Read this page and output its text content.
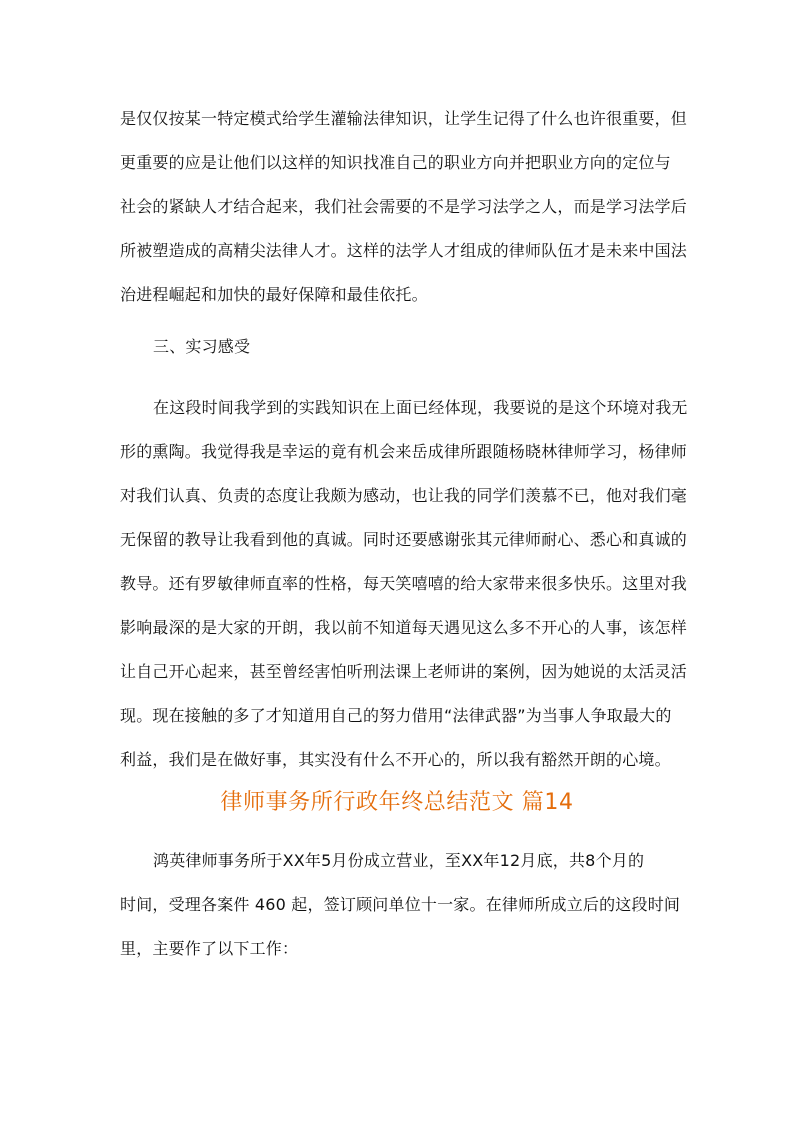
是仅仅按某一特定模式给学生灌输法律知识，让学生记得了什么也许很重要，但
更重要的应是让他们以这样的知识找准自己的职业方向并把职业方向的定位与
社会的紧缺人才结合起来，我们社会需要的不是学习法学之人，而是学习法学后
所被塑造成的高精尖法律人才。这样的法学人才组成的律师队伍才是未来中国法
治进程崛起和加快的最好保障和最佳依托。
三、实习感受
在这段时间我学到的实践知识在上面已经体现，我要说的是这个环境对我无
形的熏陶。我觉得我是幸运的竟有机会来岳成律所跟随杨晓林律师学习，杨律师
对我们认真、负责的态度让我颇为感动，也让我的同学们羡慕不已，他对我们毫
无保留的教导让我看到他的真诚。同时还要感谢张其元律师耐心、悉心和真诚的
教导。还有罗敏律师直率的性格，每天笑嘻嘻的给大家带来很多快乐。这里对我
影响最深的是大家的开朗，我以前不知道每天遇见这么多不开心的人事，该怎样
让自己开心起来，甚至曾经害怕听刑法课上老师讲的案例，因为她说的太活灵活
现。现在接触的多了才知道用自己的努力借用“法律武器”为当事人争取最大的
利益，我们是在做好事，其实没有什么不开心的，所以我有豁然开朗的心境。
律师事务所行政年终总结范文 篇14
鸿英律师事务所于XX年5月份成立营业，至XX年12月底，共8个月的
时间，受理各案件 460 起，签订顾问单位十一家。在律师所成立后的这段时间
里，主要作了以下工作：
